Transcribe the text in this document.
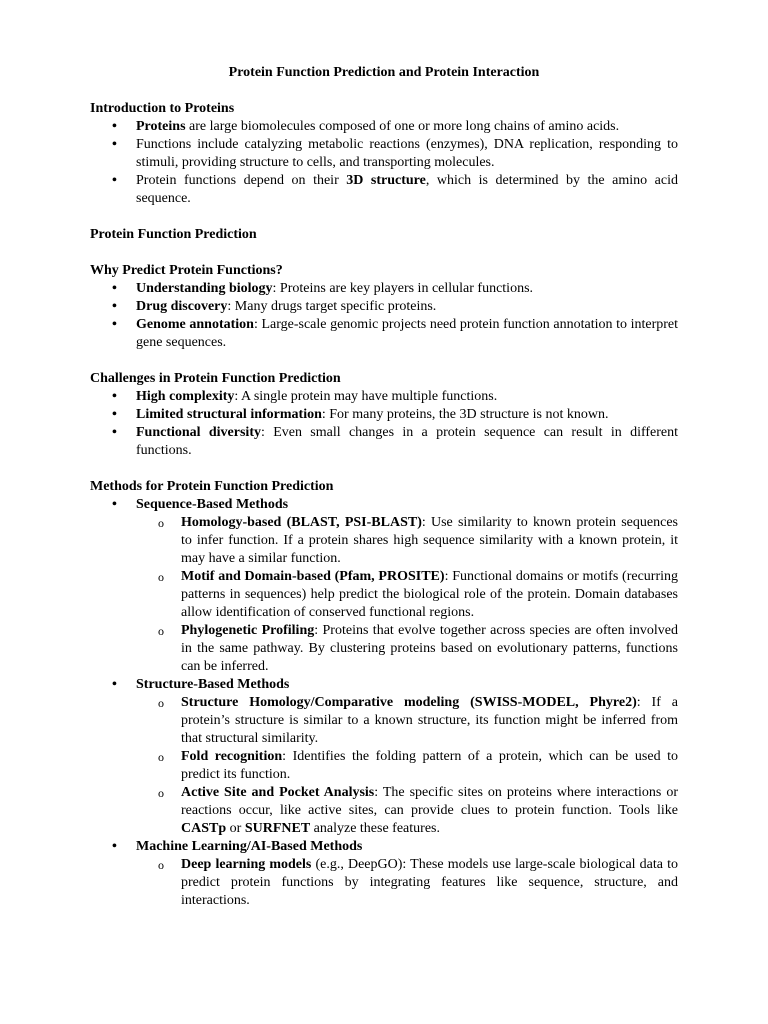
Protein Function Prediction and Protein Interaction
Introduction to Proteins
• Proteins are large biomolecules composed of one or more long chains of amino acids.
• Functions include catalyzing metabolic reactions (enzymes), DNA replication, responding to stimuli, providing structure to cells, and transporting molecules.
• Protein functions depend on their 3D structure, which is determined by the amino acid sequence.
Protein Function Prediction
Why Predict Protein Functions?
• Understanding biology: Proteins are key players in cellular functions.
• Drug discovery: Many drugs target specific proteins.
• Genome annotation: Large-scale genomic projects need protein function annotation to interpret gene sequences.
Challenges in Protein Function Prediction
• High complexity: A single protein may have multiple functions.
• Limited structural information: For many proteins, the 3D structure is not known.
• Functional diversity: Even small changes in a protein sequence can result in different functions.
Methods for Protein Function Prediction
• Sequence-Based Methods
o Homology-based (BLAST, PSI-BLAST): Use similarity to known protein sequences to infer function. If a protein shares high sequence similarity with a known protein, it may have a similar function.
o Motif and Domain-based (Pfam, PROSITE): Functional domains or motifs (recurring patterns in sequences) help predict the biological role of the protein. Domain databases allow identification of conserved functional regions.
o Phylogenetic Profiling: Proteins that evolve together across species are often involved in the same pathway. By clustering proteins based on evolutionary patterns, functions can be inferred.
• Structure-Based Methods
o Structure Homology/Comparative modeling (SWISS-MODEL, Phyre2): If a protein’s structure is similar to a known structure, its function might be inferred from that structural similarity.
o Fold recognition: Identifies the folding pattern of a protein, which can be used to predict its function.
o Active Site and Pocket Analysis: The specific sites on proteins where interactions or reactions occur, like active sites, can provide clues to protein function. Tools like CASTp or SURFNET analyze these features.
• Machine Learning/AI-Based Methods
o Deep learning models (e.g., DeepGO): These models use large-scale biological data to predict protein functions by integrating features like sequence, structure, and interactions.
